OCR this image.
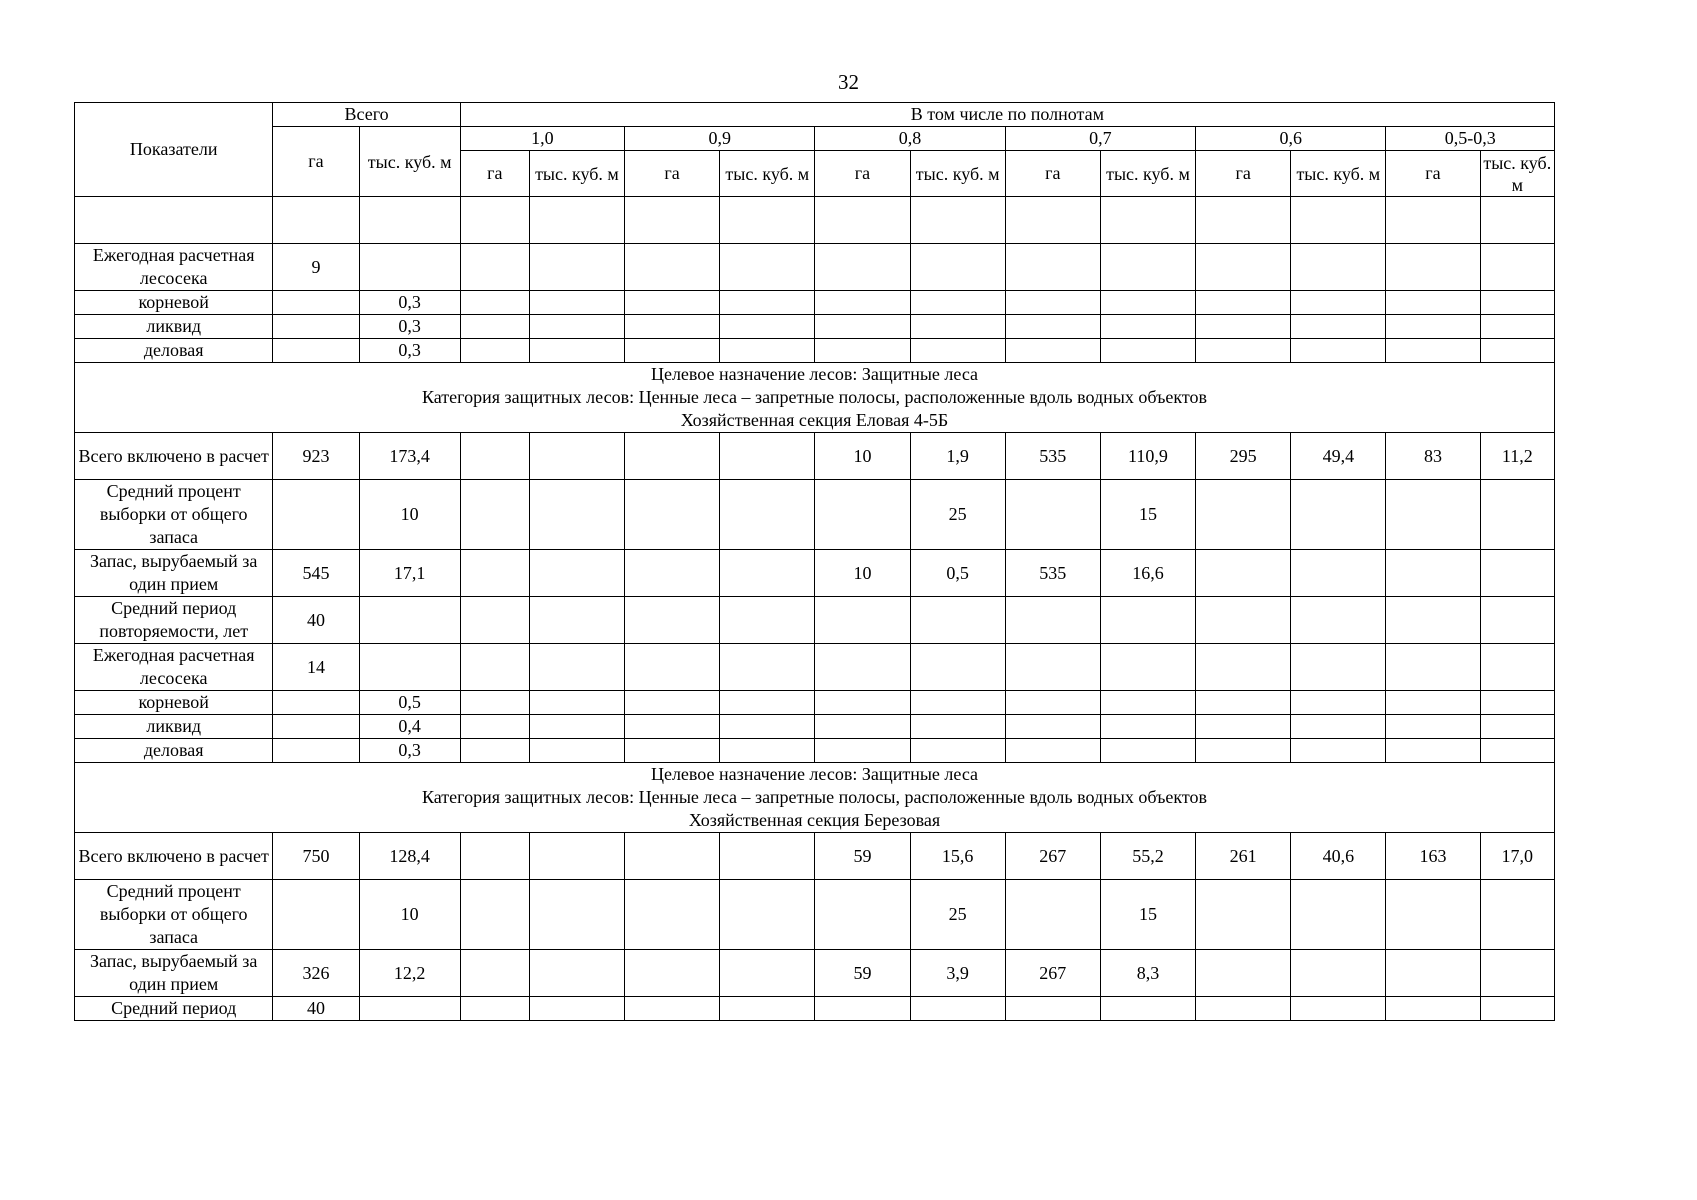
32
Показатели	Всего		В том числе по полнотам											
	га	тыс. куб. м	1,0		0,9		0,8		0,7		0,6		0,5-0,3	
			га	тыс. куб. м	га	тыс. куб. м	га	тыс. куб. м	га	тыс. куб. м	га	тыс. куб. м	га	тыс. куб. м

Ежегодная расчетная лесосека	9													
корневой		0,3												
ликвид		0,3												
деловая		0,3												

Целевое назначение лесов: Защитные леса
Категория защитных лесов: Ценные леса – запретные полосы, расположенные вдоль водных объектов
Хозяйственная секция Еловая 4-5Б														

Всего включено в расчет	923	173,4					10	1,9	535	110,9	295	49,4	83	11,2
Средний процент выборки от общего запаса		10						25		15				
Запас, вырубаемый за один прием	545	17,1					10	0,5	535	16,6				
Средний период повторяемости, лет	40													
Ежегодная расчетная лесосека	14													
корневой		0,5												
ликвид		0,4												
деловая		0,3												

Целевое назначение лесов: Защитные леса
Категория защитных лесов: Ценные леса – запретные полосы, расположенные вдоль водных объектов
Хозяйственная секция Березовая														

Всего включено в расчет	750	128,4					59	15,6	267	55,2	261	40,6	163	17,0
Средний процент выборки от общего запаса		10						25		15				
Запас, вырубаемый за один прием	326	12,2					59	3,9	267	8,3				
Средний период	40													
